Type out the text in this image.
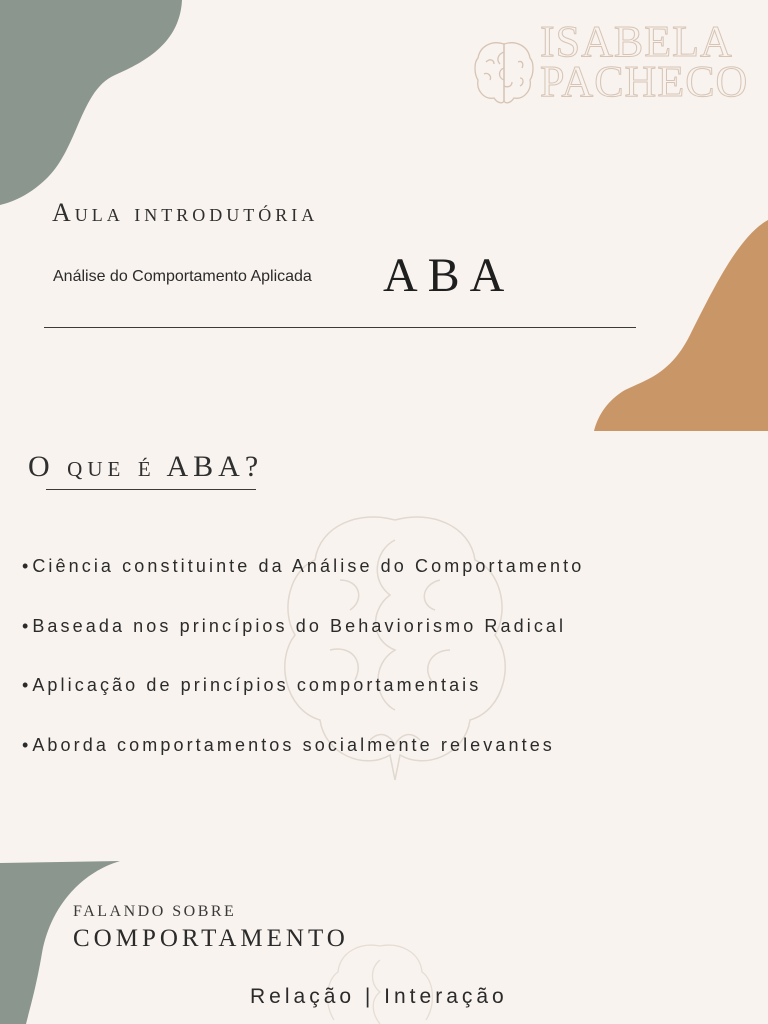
ISABELA
PACHECO
Aula introdutória
Análise do Comportamento Aplicada ABA
O que é ABA?
• Ciência constituinte da Análise do Comportamento
• Baseada nos princípios do Behaviorismo Radical
• Aplicação de princípios comportamentais
• Aborda comportamentos socialmente relevantes
FALANDO SOBRE
COMPORTAMENTO
Relação | Interação
